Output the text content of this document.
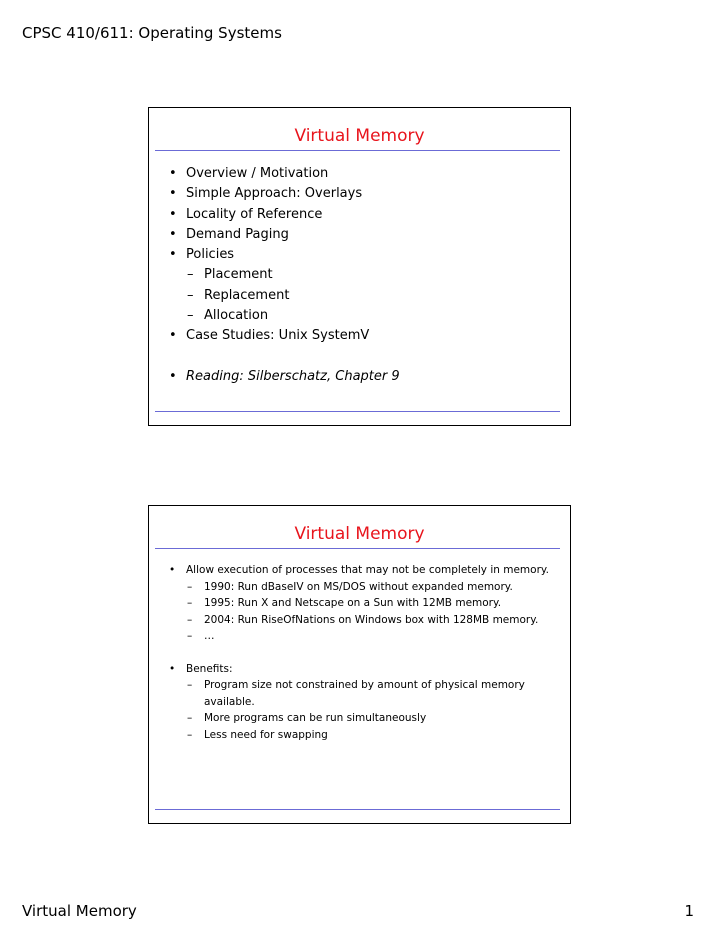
CPSC 410/611: Operating Systems
Virtual Memory
• Overview / Motivation
• Simple Approach: Overlays
• Locality of Reference
• Demand Paging
• Policies
– Placement
– Replacement
– Allocation
• Case Studies: Unix SystemV
• Reading: Silberschatz, Chapter 9
Virtual Memory
• Allow execution of processes that may not be completely in memory.
– 1990: Run dBaseIV on MS/DOS without expanded memory.
– 1995: Run X and Netscape on a Sun with 12MB memory.
– 2004: Run RiseOfNations on Windows box with 128MB memory.
– …
• Benefits:
– Program size not constrained by amount of physical memory available.
– More programs can be run simultaneously
– Less need for swapping
Virtual Memory	1
